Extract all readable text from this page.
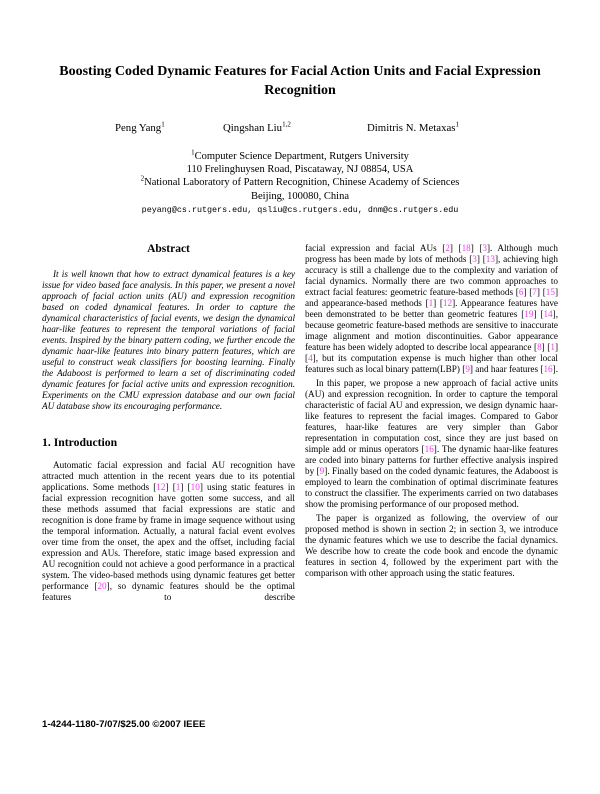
Boosting Coded Dynamic Features for Facial Action Units and Facial Expression Recognition
Peng Yang$^1$	Qingshan Liu$^{1,2}$	Dimitris N. Metaxas$^1$
$^1$Computer Science Department, Rutgers University
110 Frelinghuysen Road, Piscataway, NJ 08854, USA
$^2$National Laboratory of Pattern Recognition, Chinese Academy of Sciences
Beijing, 100080, China
peyang@cs.rutgers.edu, qsliu@cs.rutgers.edu, dnm@cs.rutgers.edu
Abstract

It is well known that how to extract dynamical features is a key issue for video based face analysis. In this paper, we present a novel approach of facial action units (AU) and expression recognition based on coded dynamical features. In order to capture the dynamical characteristics of facial events, we design the dynamical haar-like features to represent the temporal variations of facial events. Inspired by the binary pattern coding, we further encode the dynamic haar-like features into binary pattern features, which are useful to construct weak classifiers for boosting learning. Finally the Adaboost is performed to learn a set of discriminating coded dynamic features for facial active units and expression recognition. Experiments on the CMU expression database and our own facial AU database show its encouraging performance.

1. Introduction

Automatic facial expression and facial AU recognition have attracted much attention in the recent years due to its potential applications. Some methods [12] [1] [10] using static features in facial expression recognition have gotten some success, and all these methods assumed that facial expressions are static and recognition is done frame by frame in image sequence without using the temporal information. Actually, a natural facial event evolves over time from the onset, the apex and the offset, including facial expression and AUs. Therefore, static image based expression and AU recognition could not achieve a good performance in a practical system. The video-based methods using dynamic features get better performance [20], so dynamic features should be the optimal features to describe

facial expression and facial AUs [2] [18] [3]. Although much progress has been made by lots of methods [3] [13], achieving high accuracy is still a challenge due to the complexity and variation of facial dynamics. Normally there are two common approaches to extract facial features: geometric feature-based methods [6] [7] [15] and appearance-based methods [1] [12]. Appearance features have been demonstrated to be better than geometric features [19] [14], because geometric feature-based methods are sensitive to inaccurate image alignment and motion discontinuities. Gabor appearance feature has been widely adopted to describe local appearance [8] [1] [4], but its computation expense is much higher than other local features such as local binary pattern(LBP) [9] and haar features [16].

In this paper, we propose a new approach of facial active units (AU) and expression recognition. In order to capture the temporal characteristic of facial AU and expression, we design dynamic haar-like features to represent the facial images. Compared to Gabor features, haar-like features are very simpler than Gabor representation in computation cost, since they are just based on simple add or minus operators [16]. The dynamic haar-like features are coded into binary patterns for further effective analysis inspired by [9]. Finally based on the coded dynamic features, the Adaboost is employed to learn the combination of optimal discriminate features to construct the classifier. The experiments carried on two databases show the promising performance of our proposed method.

The paper is organized as following, the overview of our proposed method is shown in section 2; in section 3, we introduce the dynamic features which we use to describe the facial dynamics. We describe how to create the code book and encode the dynamic features in section 4, followed by the experiment part with the comparison with other approach using the static features.

1-4244-1180-7/07/$25.00 ©2007 IEEE
